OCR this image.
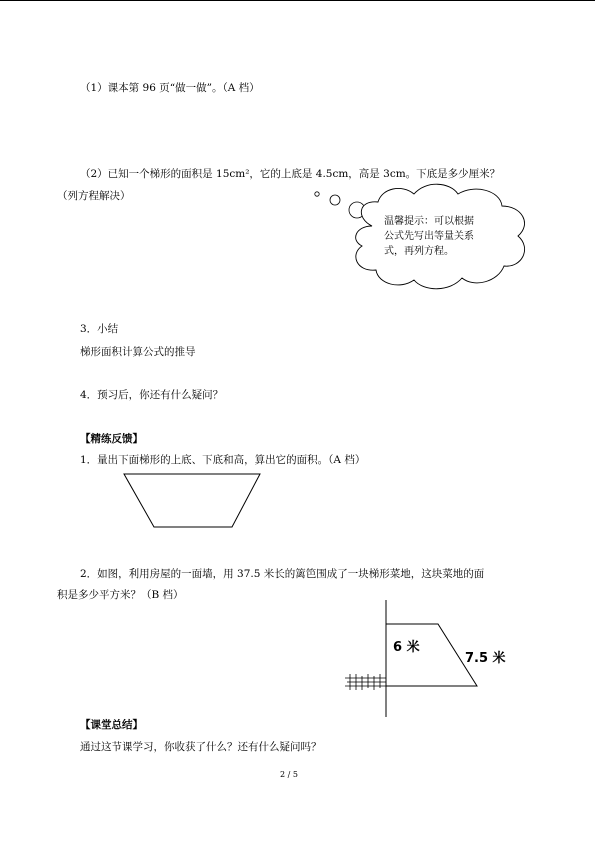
（1）课本第 96 页“做一做”。（A 档）
（2）已知一个梯形的面积是 15cm²，它的上底是 4.5cm，高是 3cm。下底是多少厘米？
（列方程解决）
温馨提示：可以根据
公式先写出等量关系
式，再列方程。
3．小结
梯形面积计算公式的推导
4．预习后，你还有什么疑问？
【精练反馈】
1．量出下面梯形的上底、下底和高，算出它的面积。（A 档）
2．如图，利用房屋的一面墙，用 37.5 米长的篱笆围成了一块梯形菜地，这块菜地的面
积是多少平方米？（B 档）
6 米
7.5 米
【课堂总结】
通过这节课学习，你收获了什么？还有什么疑问吗？
2 / 5
